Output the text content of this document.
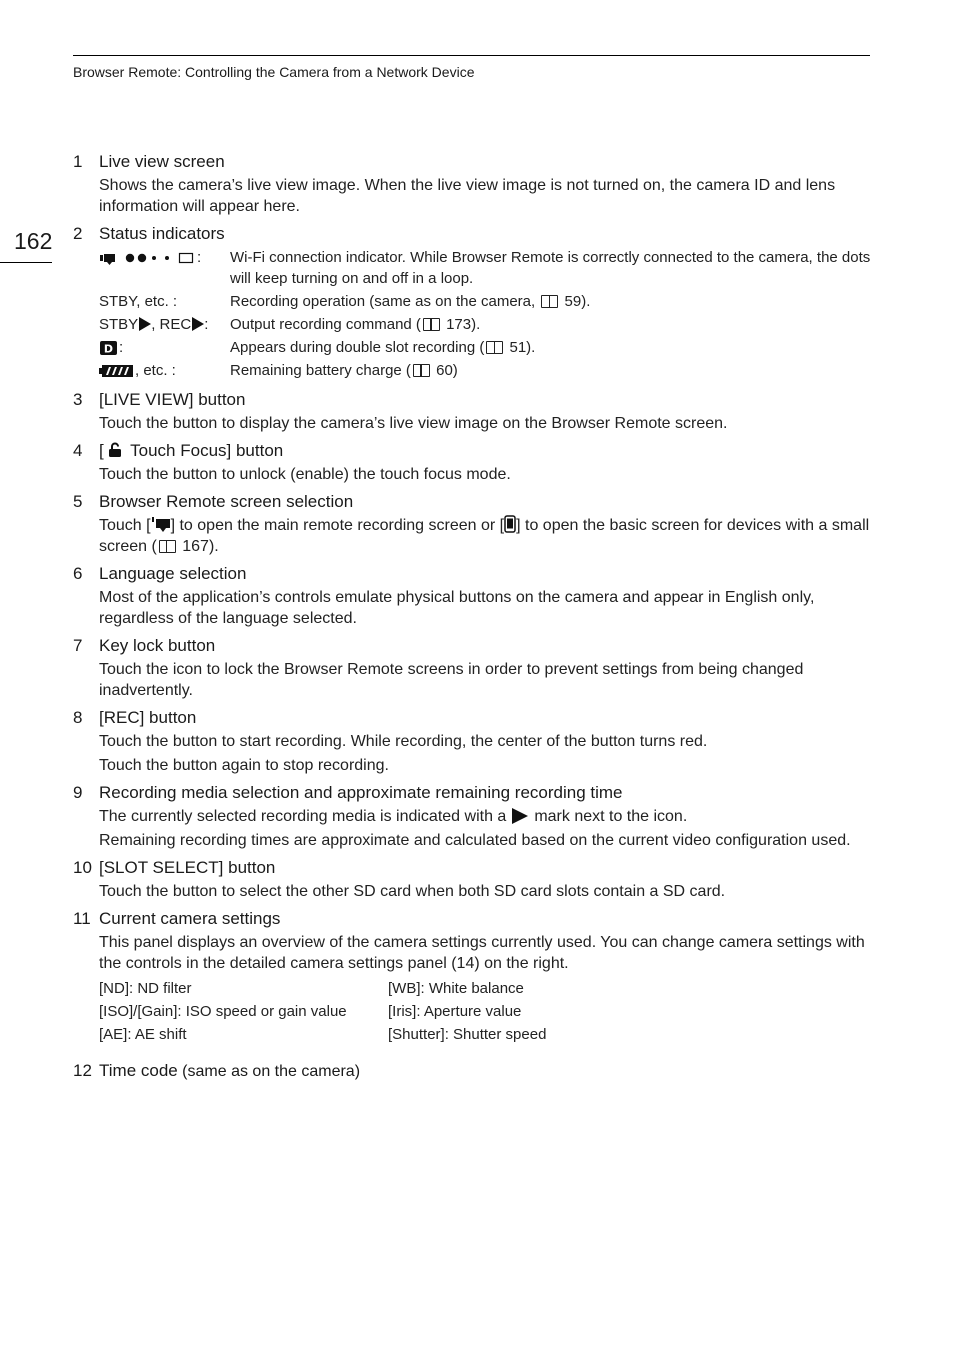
Browser Remote: Controlling the Camera from a Network Device
162
1 Live view screen

Shows the camera’s live view image. When the live view image is not turned on, the camera ID and lens information will appear here.

2 Status indicators
:	Wi-Fi connection indicator. While Browser Remote is correctly connected to the camera, the dots will keep turning on and off in a loop.
STBY, etc. :	Recording operation (same as on the camera,  59).
STBY , REC :	Output recording command ( 173).
D :	Appears during double slot recording ( 51).
, etc. :	Remaining battery charge ( 60)
3 [LIVE VIEW] button

Touch the button to display the camera’s live view image on the Browser Remote screen.

4 [ Touch Focus] button

Touch the button to unlock (enable) the touch focus mode.

5 Browser Remote screen selection

Touch [ ] to open the main remote recording screen or [ ] to open the basic screen for devices with a small screen ( 167).

6 Language selection

Most of the application’s controls emulate physical buttons on the camera and appear in English only, regardless of the language selected.

7 Key lock button

Touch the icon to lock the Browser Remote screens in order to prevent settings from being changed inadvertently.

8 [REC] button

Touch the button to start recording. While recording, the center of the button turns red.

Touch the button again to stop recording.

9 Recording media selection and approximate remaining recording time

The currently selected recording media is indicated with a mark next to the icon.

Remaining recording times are approximate and calculated based on the current video configuration used.

10 [SLOT SELECT] button

Touch the button to select the other SD card when both SD card slots contain a SD card.

11 Current camera settings

This panel displays an overview of the camera settings currently used. You can change camera settings with the controls in the detailed camera settings panel (14) on the right.

[ND]: ND filter	[WB]: White balance
[ISO]/[Gain]: ISO speed or gain value	[Iris]: Aperture value
[AE]: AE shift	[Shutter]: Shutter speed
12 Time code (same as on the camera)
